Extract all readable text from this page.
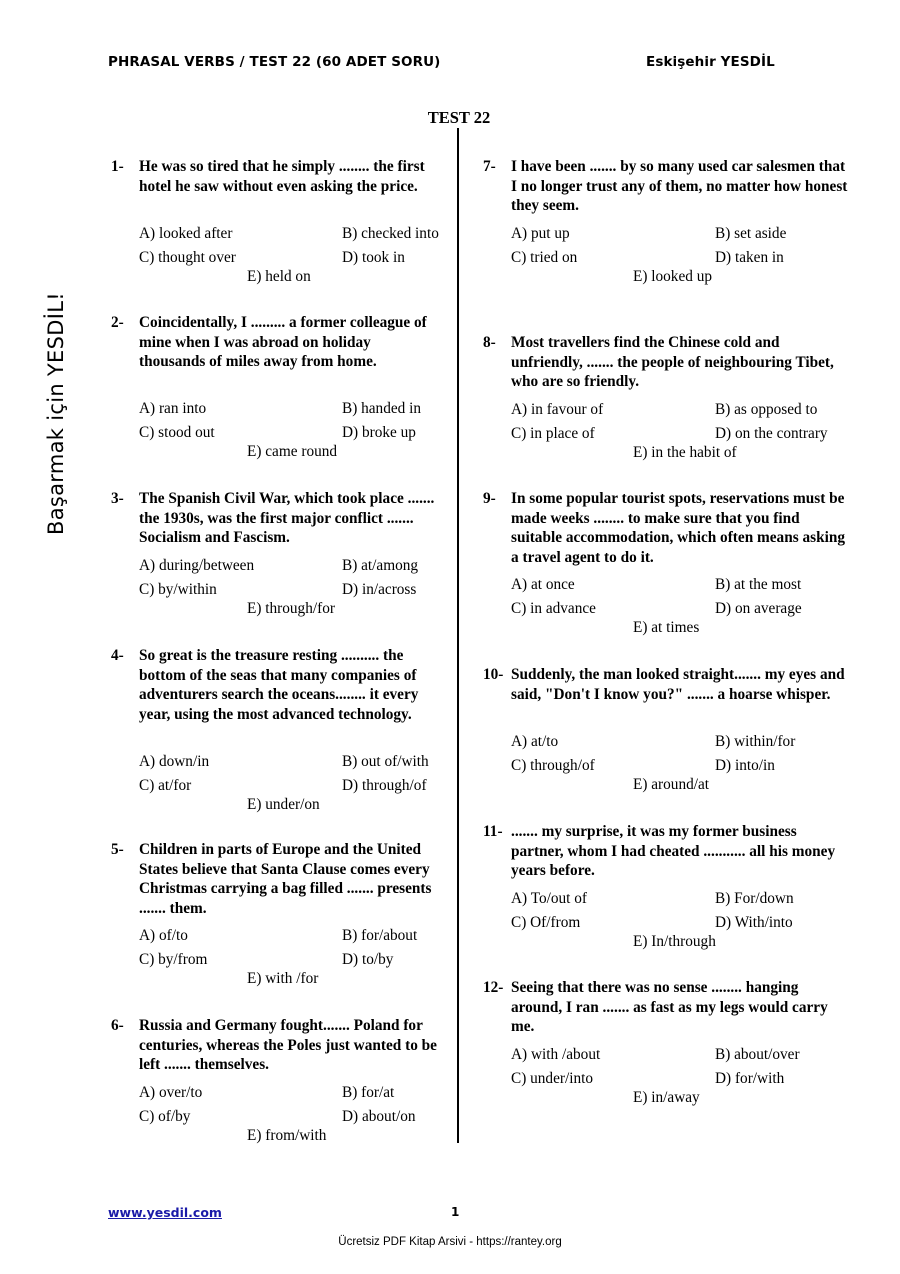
PHRASAL VERBS / TEST 22 (60 ADET SORU)	Eskişehir YESDİL
TEST 22
Başarmak için YESDİL!
1- He was so tired that he simply ........ the first hotel he saw without even asking the price.
A) looked after	B) checked into
C) thought over	D) took in
E) held on
2- Coincidentally, I ......... a former colleague of mine when I was abroad on holiday thousands of miles away from home.
A) ran into	B) handed in
C) stood out	D) broke up
E) came round
3- The Spanish Civil War, which took place ....... the 1930s, was the first major conflict ....... Socialism and Fascism.
A) during/between	B) at/among
C) by/within	D) in/across
E) through/for
4- So great is the treasure resting .......... the bottom of the seas that many companies of adventurers search the oceans........ it every year, using the most advanced technology.
A) down/in	B) out of/with
C) at/for	D) through/of
E) under/on
5- Children in parts of Europe and the United States believe that Santa Clause comes every Christmas carrying a bag filled ....... presents ....... them.
A) of/to	B) for/about
C) by/from	D) to/by
E) with /for
6- Russia and Germany fought....... Poland for centuries, whereas the Poles just wanted to be left ....... themselves.
A) over/to	B) for/at
C) of/by	D) about/on
E) from/with
7- I have been ....... by so many used car salesmen that I no longer trust any of them, no matter how honest they seem.
A) put up	B) set aside
C) tried on	D) taken in
E) looked up
8- Most travellers find the Chinese cold and unfriendly, ....... the people of neighbouring Tibet, who are so friendly.
A) in favour of	B) as opposed to
C) in place of	D) on the contrary
E) in the habit of
9- In some popular tourist spots, reservations must be made weeks ........ to make sure that you find suitable accommodation, which often means asking a travel agent to do it.
A) at once	B) at the most
C) in advance	D) on average
E) at times
10- Suddenly, the man looked straight....... my eyes and said, "Don't I know you?" ....... a hoarse whisper.
A) at/to	B) within/for
C) through/of	D) into/in
E) around/at
11- ....... my surprise, it was my former business partner, whom I had cheated ........... all his money years before.
A) To/out of	B) For/down
C) Of/from	D) With/into
E) In/through
12- Seeing that there was no sense ........ hanging around, I ran ....... as fast as my legs would carry me.
A) with /about	B) about/over
C) under/into	D) for/with
E) in/away
www.yesdil.com	1
Ücretsiz PDF Kitap Arsivi - https://rantey.org
